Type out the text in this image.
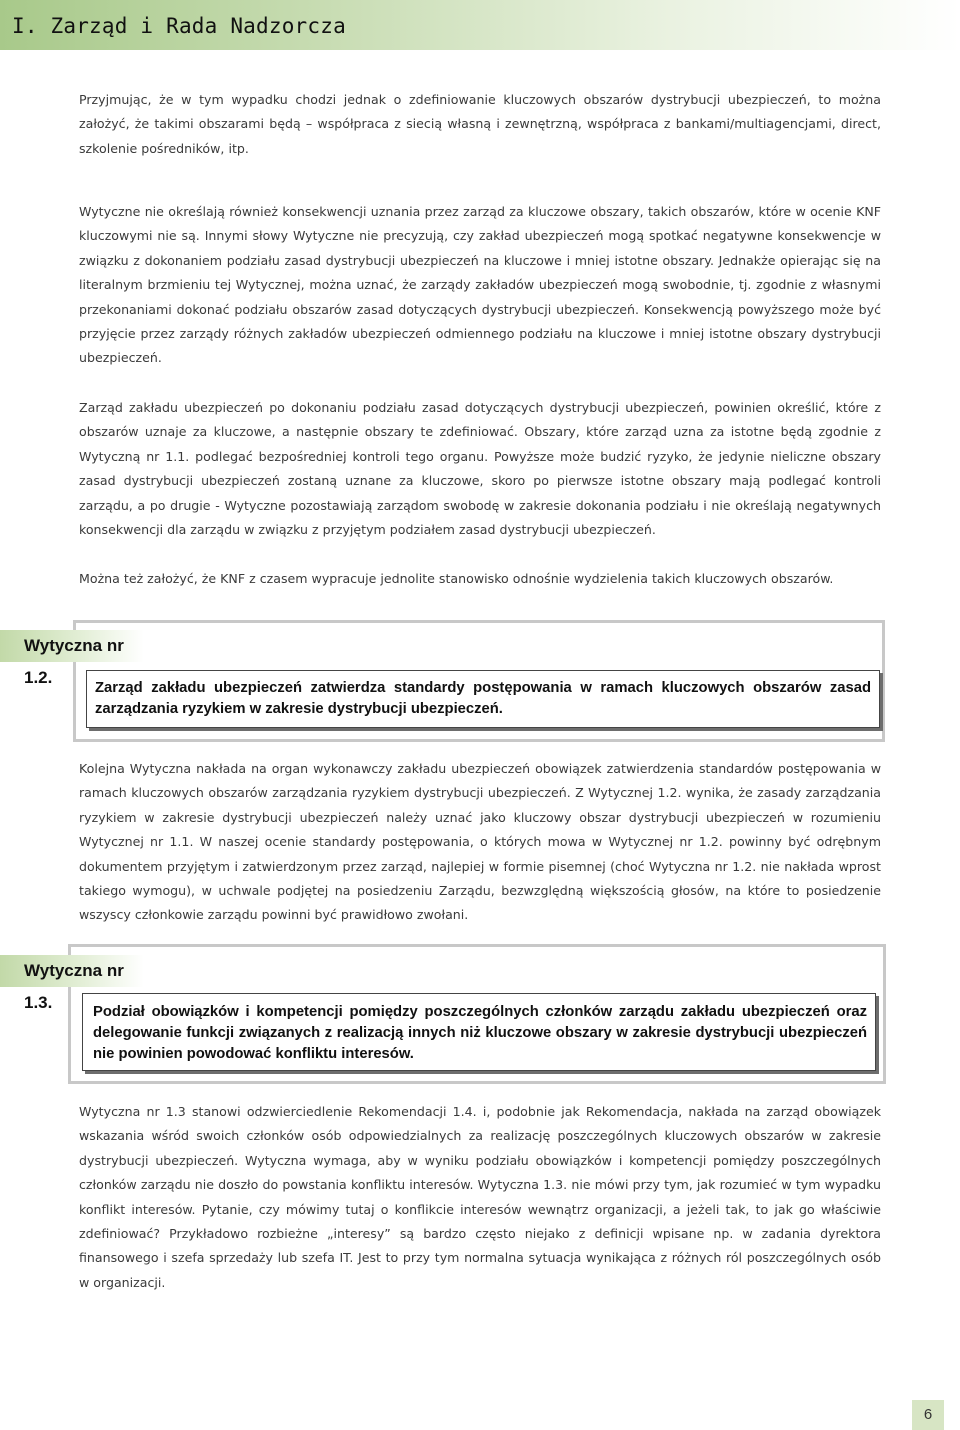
I. Zarząd i Rada Nadzorcza

Przyjmując, że w tym wypadku chodzi jednak o zdefiniowanie kluczowych obszarów dystrybucji ubezpieczeń, to można założyć, że takimi obszarami będą – współpraca z siecią własną i zewnętrzną, współpraca z bankami/multiagencjami, direct, szkolenie pośredników, itp.

Wytyczne nie określają również konsekwencji uznania przez zarząd za kluczowe obszary, takich obszarów, które w ocenie KNF kluczowymi nie są. Innymi słowy Wytyczne nie precyzują, czy zakład ubezpieczeń mogą spotkać negatywne konsekwencje w związku z dokonaniem podziału zasad dystrybucji ubezpieczeń na kluczowe i mniej istotne obszary. Jednakże opierając się na literalnym brzmieniu tej Wytycznej, można uznać, że zarządy zakładów ubezpieczeń mogą swobodnie, tj. zgodnie z własnymi przekonaniami dokonać podziału obszarów zasad dotyczących dystrybucji ubezpieczeń. Konsekwencją powyższego może być przyjęcie przez zarządy różnych zakładów ubezpieczeń odmiennego podziału na kluczowe i mniej istotne obszary dystrybucji ubezpieczeń.

Zarząd zakładu ubezpieczeń po dokonaniu podziału zasad dotyczących dystrybucji ubezpieczeń, powinien określić, które z obszarów uznaje za kluczowe, a następnie obszary te zdefiniować. Obszary, które zarząd uzna za istotne będą zgodnie z Wytyczną nr 1.1. podlegać bezpośredniej kontroli tego organu. Powyższe może budzić ryzyko, że jedynie nieliczne obszary zasad dystrybucji ubezpieczeń zostaną uznane za kluczowe, skoro po pierwsze istotne obszary mają podlegać kontroli zarządu, a po drugie - Wytyczne pozostawiają zarządom swobodę w zakresie dokonania podziału i nie określają negatywnych konsekwencji dla zarządu w związku z przyjętym podziałem zasad dystrybucji ubezpieczeń.

Można też założyć, że KNF z czasem wypracuje jednolite stanowisko odnośnie wydzielenia takich kluczowych obszarów.

Wytyczna nr 1.2.

Zarząd zakładu ubezpieczeń zatwierdza standardy postępowania w ramach kluczowych obszarów zasad zarządzania ryzykiem w zakresie dystrybucji ubezpieczeń.

Kolejna Wytyczna nakłada na organ wykonawczy zakładu ubezpieczeń obowiązek zatwierdzenia standardów postępowania w ramach kluczowych obszarów zarządzania ryzykiem dystrybucji ubezpieczeń. Z Wytycznej 1.2. wynika, że zasady zarządzania ryzykiem w zakresie dystrybucji ubezpieczeń należy uznać jako kluczowy obszar dystrybucji ubezpieczeń w rozumieniu Wytycznej nr 1.1. W naszej ocenie standardy postępowania, o których mowa w Wytycznej nr 1.2. powinny być odrębnym dokumentem przyjętym i zatwierdzonym przez zarząd, najlepiej w formie pisemnej (choć Wytyczna nr 1.2. nie nakłada wprost takiego wymogu), w uchwale podjętej na posiedzeniu Zarządu, bezwzględną większością głosów, na które to posiedzenie wszyscy członkowie zarządu powinni być prawidłowo zwołani.

Wytyczna nr 1.3.	Podział obowiązków i kompetencji pomiędzy poszczególnych członków zarządu zakładu ubezpieczeń oraz delegowanie funkcji związanych z realizacją innych niż kluczowe obszary w zakresie dystrybucji ubezpieczeń nie powinien powodować konfliktu interesów.

Wytyczna nr 1.3 stanowi odzwierciedlenie Rekomendacji 1.4. i, podobnie jak Rekomendacja, nakłada na zarząd obowiązek wskazania wśród swoich członków osób odpowiedzialnych za realizację poszczególnych kluczowych obszarów w zakresie dystrybucji ubezpieczeń. Wytyczna wymaga, aby w wyniku podziału obowiązków i kompetencji pomiędzy poszczególnych członków zarządu nie doszło do powstania konfliktu interesów. Wytyczna 1.3. nie mówi przy tym, jak rozumieć w tym wypadku konflikt interesów. Pytanie, czy mówimy tutaj o konflikcie interesów wewnątrz organizacji, a jeżeli tak, to jak go właściwie zdefiniować? Przykładowo rozbieżne „interesy” są bardzo często niejako z definicji wpisane np. w zadania dyrektora finansowego i szefa sprzedaży lub szefa IT. Jest to przy tym normalna sytuacja wynikająca z różnych ról poszczególnych osób w organizacji.

6
